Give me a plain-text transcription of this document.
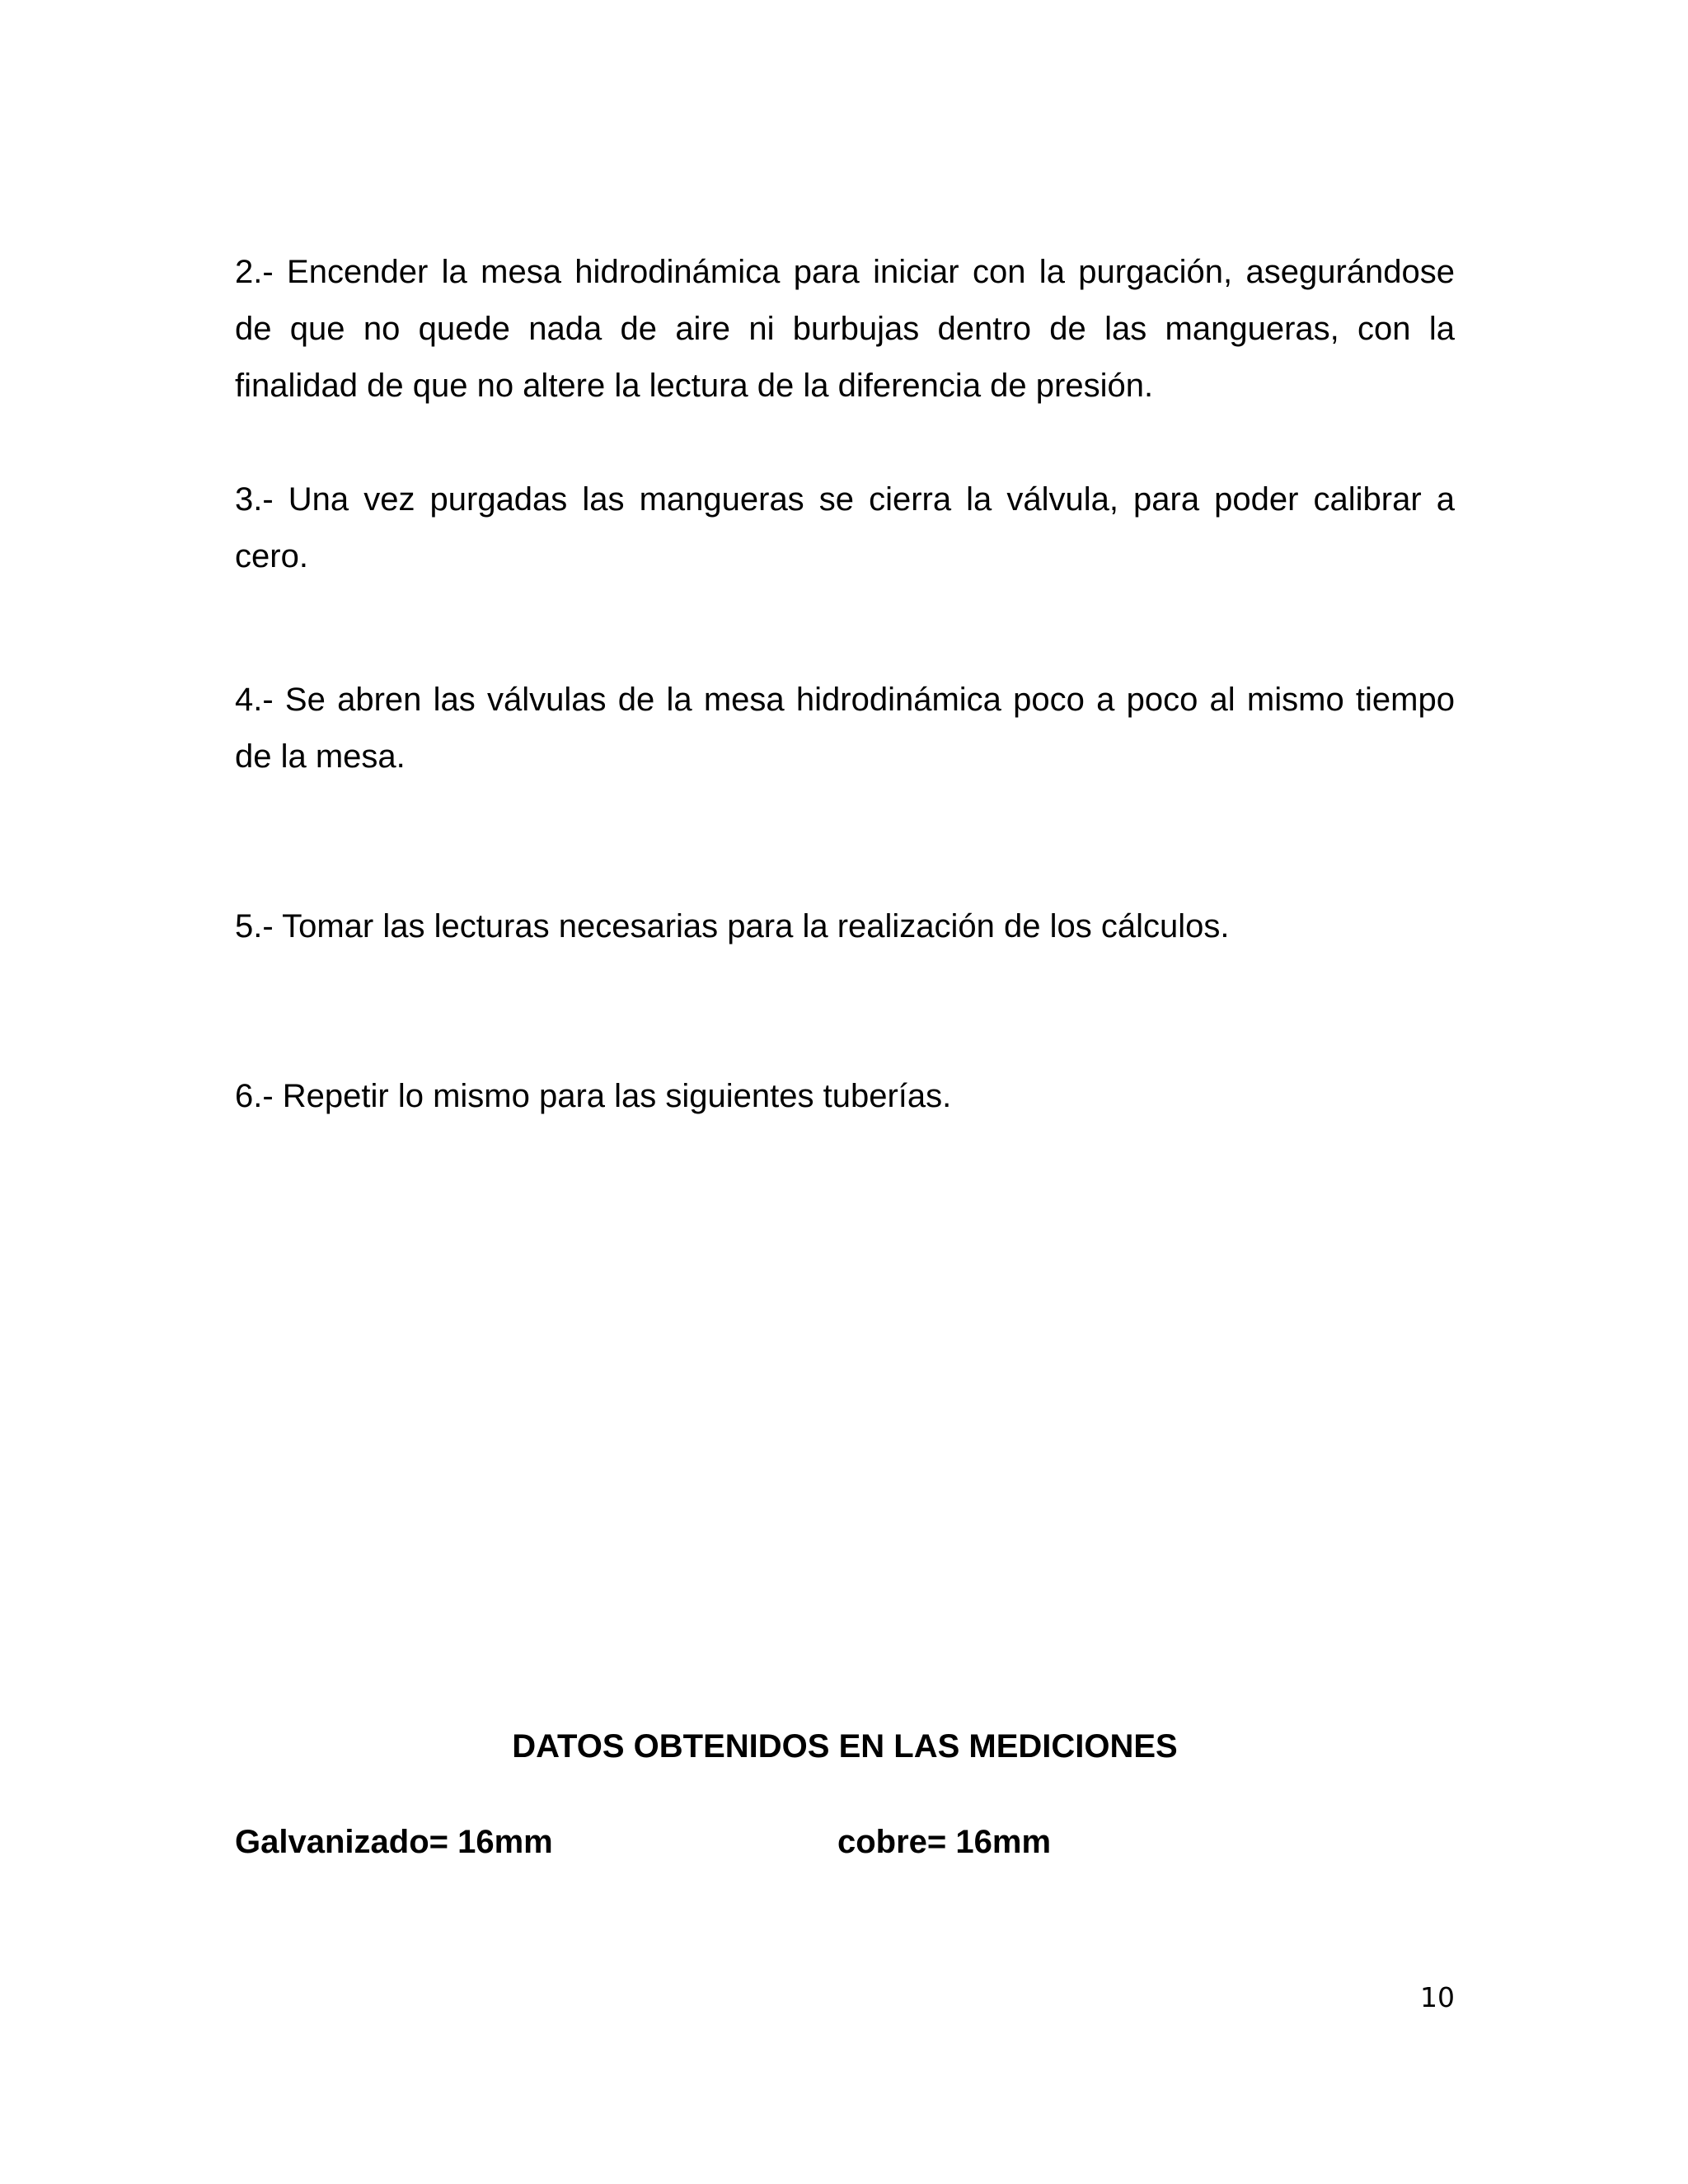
2.- Encender la mesa hidrodinámica para iniciar con la purgación, asegurándose de que no quede nada de aire ni burbujas dentro de las mangueras, con la finalidad de que no altere la lectura de la diferencia de presión.

3.- Una vez purgadas las mangueras se cierra la válvula, para poder calibrar a cero.

4.- Se abren las válvulas de la mesa hidrodinámica poco a poco al mismo tiempo de la mesa.

5.- Tomar las lecturas necesarias para la realización de los cálculos.

6.- Repetir lo mismo para las siguientes tuberías.

DATOS OBTENIDOS EN LAS MEDICIONES

Galvanizado= 16mm	cobre= 16mm

10
